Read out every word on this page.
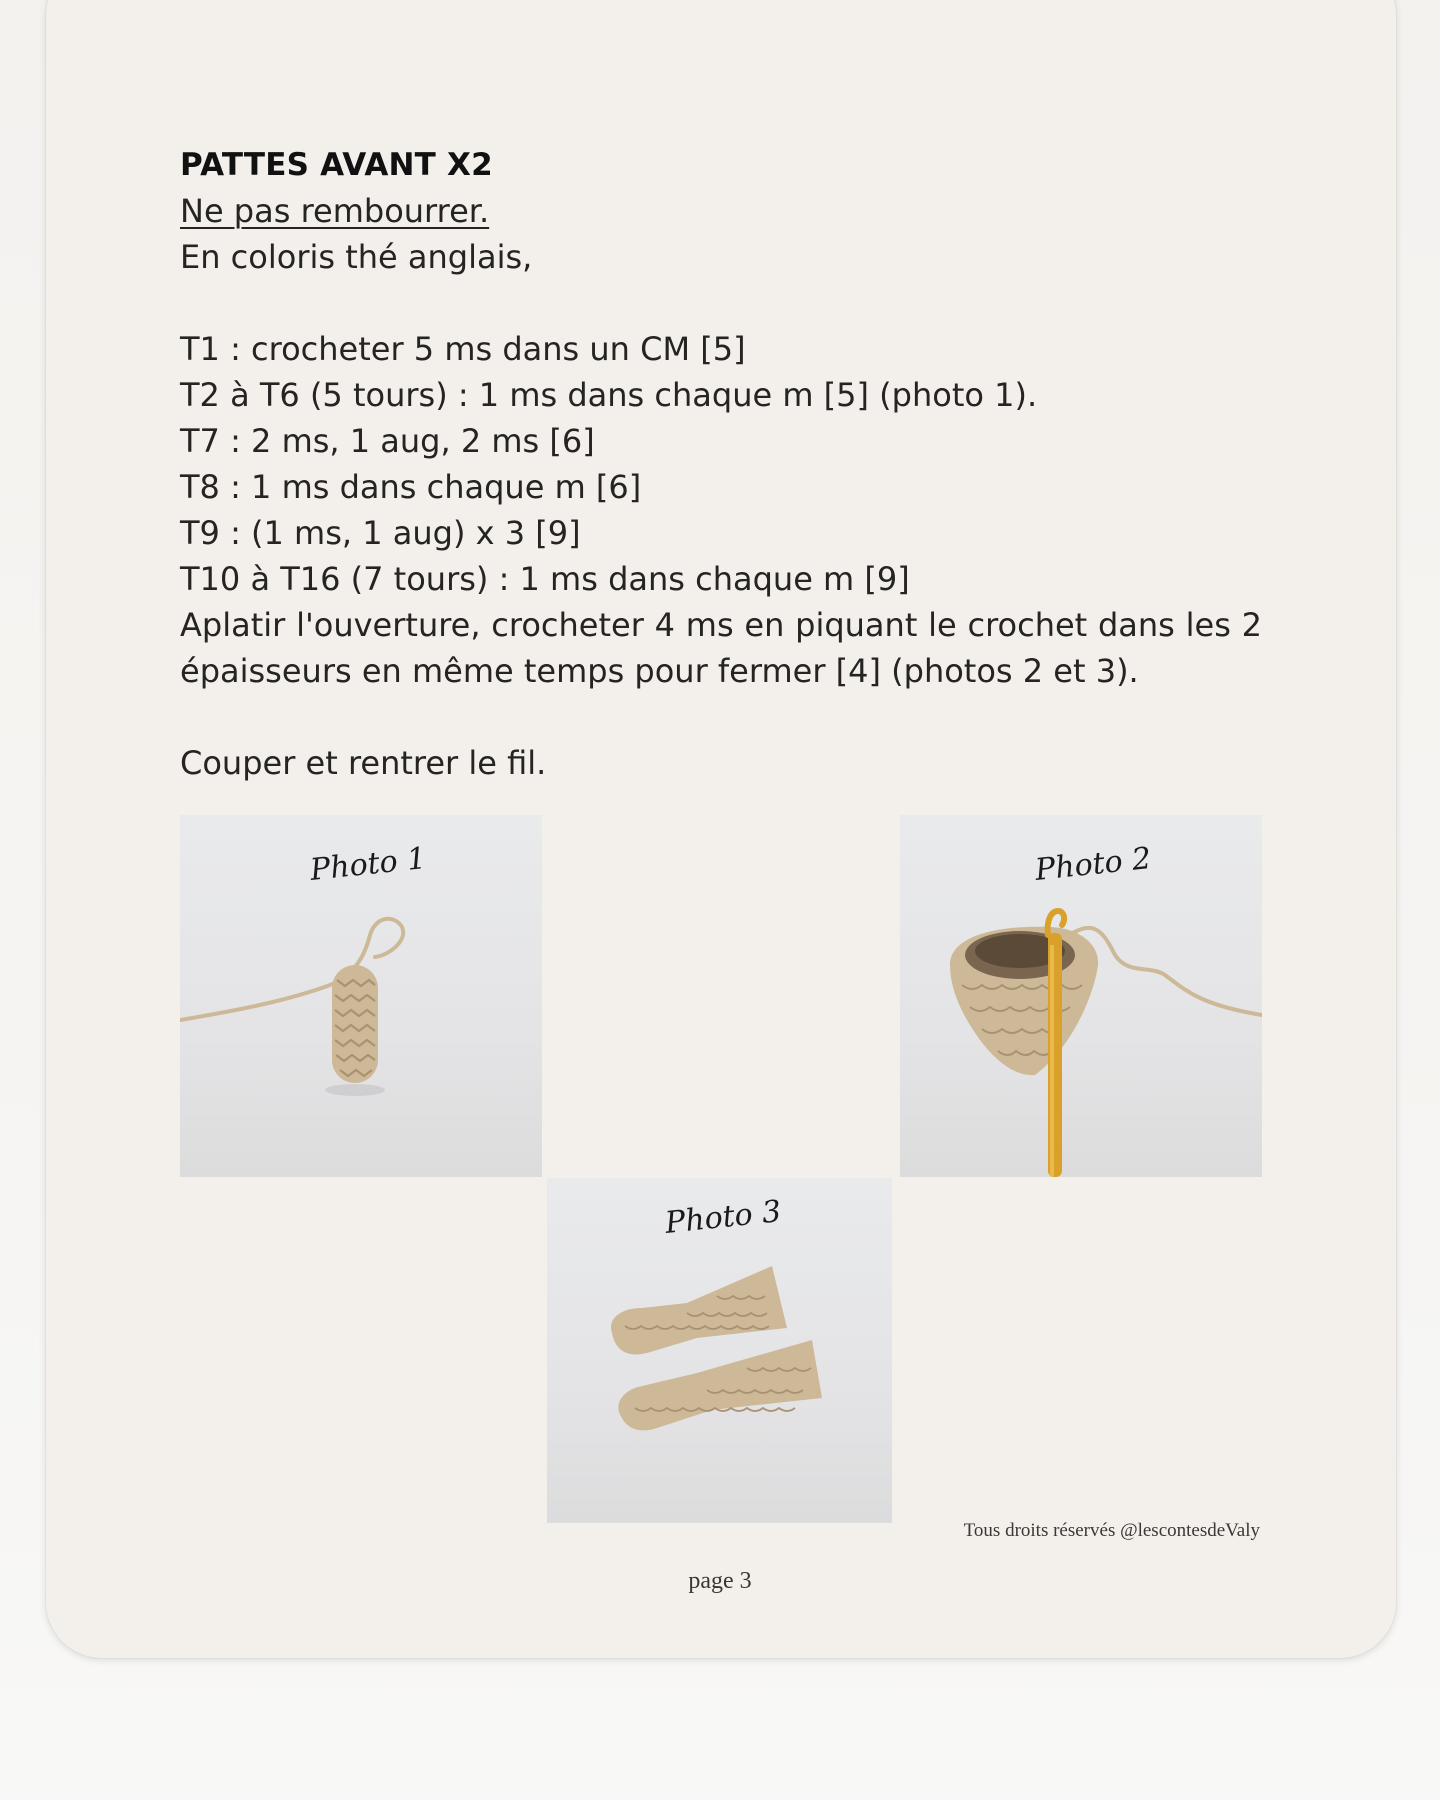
PATTES AVANT X2

Ne pas rembourrer.

En coloris thé anglais,

T1 : crocheter 5 ms dans un CM [5]

T2 à T6 (5 tours) : 1 ms dans chaque m [5] (photo 1).

T7 : 2 ms, 1 aug, 2 ms [6]

T8 : 1 ms dans chaque m [6]

T9 : (1 ms, 1 aug) x 3 [9]

T10 à T16 (7 tours) : 1 ms dans chaque m [9]

Aplatir l'ouverture, crocheter 4 ms en piquant le crochet dans les 2 épaisseurs en même temps pour fermer [4] (photos 2 et 3).

Couper et rentrer le fil.

Photo 1	Photo 2
Photo 3
Tous droits réservés @lescontesdeValy
page 3
